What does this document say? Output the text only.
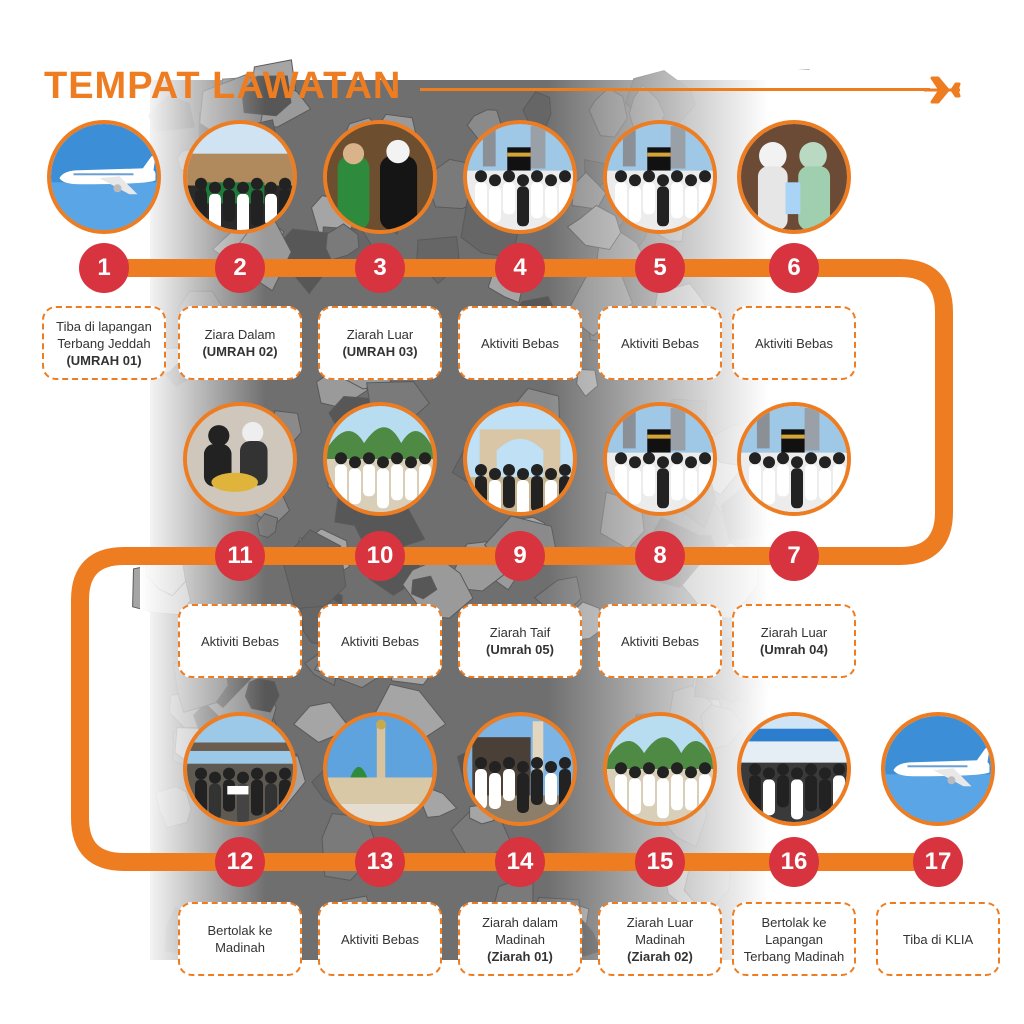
TEMPAT LAWATAN
1
Tiba di lapangan
Terbang Jeddah
(UMRAH 01)
2
Ziara Dalam
(UMRAH 02)
3
Ziarah Luar
(UMRAH 03)
4
Aktiviti Bebas
5
Aktiviti Bebas
6
Aktiviti Bebas
7
Ziarah Luar
(Umrah 04)
8
Aktiviti Bebas
9
Ziarah Taif
(Umrah 05)
10
Aktiviti Bebas
11
Aktiviti Bebas
12
Bertolak ke
Madinah
13
Aktiviti Bebas
14
Ziarah dalam
Madinah
(Ziarah 01)
15
Ziarah Luar
Madinah
(Ziarah 02)
16
Bertolak ke
Lapangan
Terbang Madinah
17
Tiba di KLIA
